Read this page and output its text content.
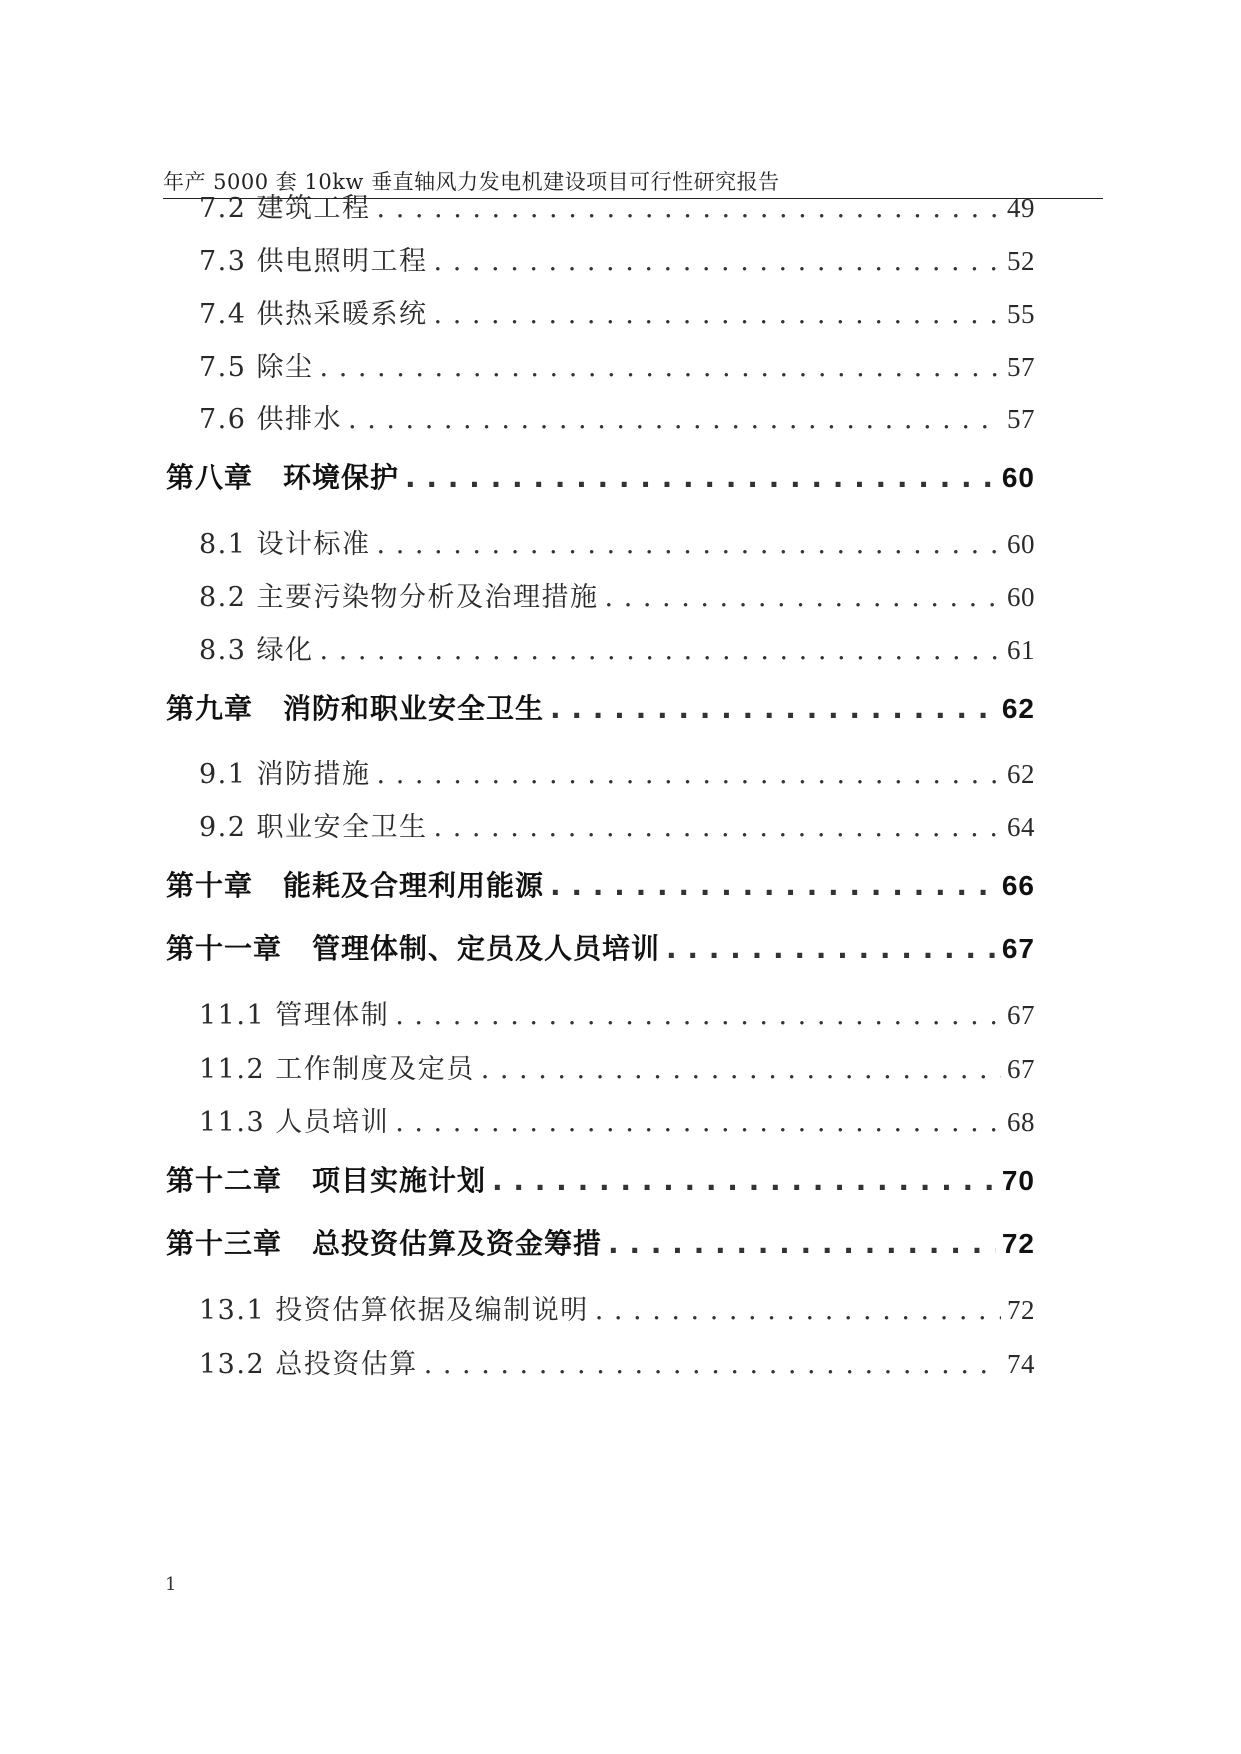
年产 5000 套 10kw 垂直轴风力发电机建设项目可行性研究报告
7.2 建筑工程 . . .	49
7.3 供电照明工程 . . .	52
7.4 供热采暖系统 . . .	55
7.5 除尘 . . .	57
7.6 供排水 . . .	57
第八章 环境保护 . . .	60
8.1 设计标准 . . .	60
8.2 主要污染物分析及治理措施 . . .	60
8.3 绿化 . . .	61
第九章 消防和职业安全卫生 . . .	62
9.1 消防措施 . . .	62
9.2 职业安全卫生 . . .	64
第十章 能耗及合理利用能源 . . .	66
第十一章 管理体制、定员及人员培训 . . .	67
11.1 管理体制 . . .	67
11.2 工作制度及定员 . . .	67
11.3 人员培训 . . .	68
第十二章 项目实施计划 . . .	70
第十三章 总投资估算及资金筹措 . . .	72
13.1 投资估算依据及编制说明 . . .	72
13.2 总投资估算 . . .	74
1
